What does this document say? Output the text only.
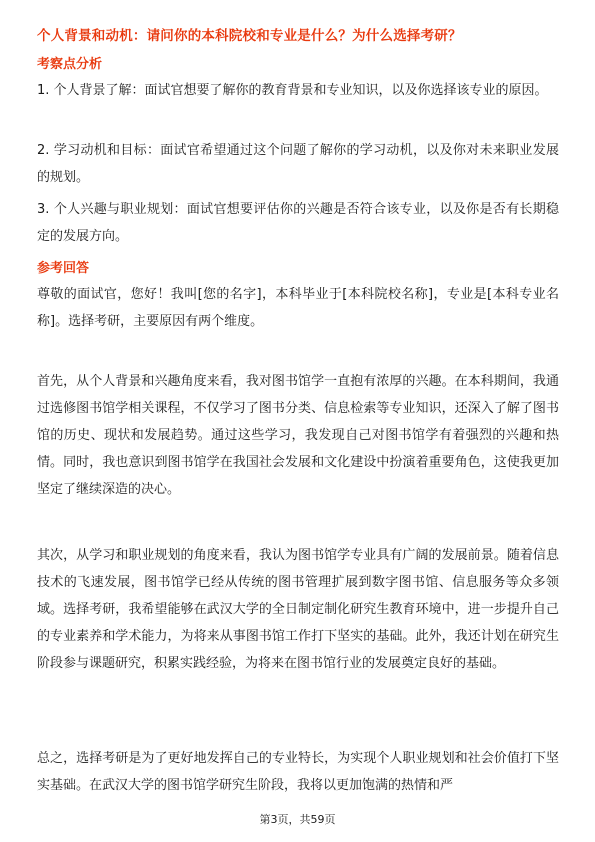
个人背景和动机：请问你的本科院校和专业是什么？为什么选择考研？
考察点分析
1. 个人背景了解：面试官想要了解你的教育背景和专业知识，以及你选择该专业的原因。
2. 学习动机和目标：面试官希望通过这个问题了解你的学习动机，以及你对未来职业发展的规划。
3. 个人兴趣与职业规划：面试官想要评估你的兴趣是否符合该专业，以及你是否有长期稳定的发展方向。
参考回答
尊敬的面试官，您好！我叫[您的名字]，本科毕业于[本科院校名称]，专业是[本科专业名称]。选择考研，主要原因有两个维度。
首先，从个人背景和兴趣角度来看，我对图书馆学一直抱有浓厚的兴趣。在本科期间，我通过选修图书馆学相关课程，不仅学习了图书分类、信息检索等专业知识，还深入了解了图书馆的历史、现状和发展趋势。通过这些学习，我发现自己对图书馆学有着强烈的兴趣和热情。同时，我也意识到图书馆学在我国社会发展和文化建设中扮演着重要角色，这使我更加坚定了继续深造的决心。
其次，从学习和职业规划的角度来看，我认为图书馆学专业具有广阔的发展前景。随着信息技术的飞速发展，图书馆学已经从传统的图书管理扩展到数字图书馆、信息服务等众多领域。选择考研，我希望能够在武汉大学的全日制定制化研究生教育环境中，进一步提升自己的专业素养和学术能力，为将来从事图书馆工作打下坚实的基础。此外，我还计划在研究生阶段参与课题研究，积累实践经验，为将来在图书馆行业的发展奠定良好的基础。
总之，选择考研是为了更好地发挥自己的专业特长，为实现个人职业规划和社会价值打下坚实基础。在武汉大学的图书馆学研究生阶段，我将以更加饱满的热情和严
第3页，共59页
